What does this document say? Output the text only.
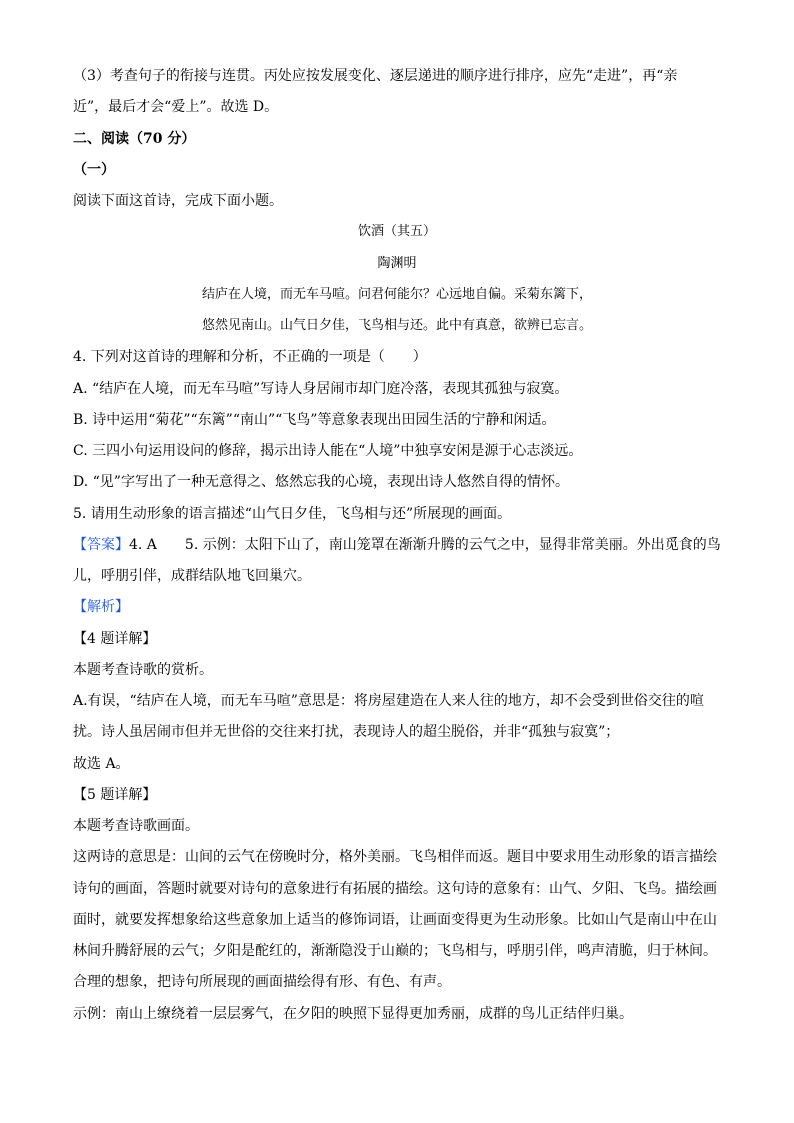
（3）考查句子的衔接与连贯。丙处应按发展变化、逐层递进的顺序进行排序，应先“走进”，再“亲
近”，最后才会“爱上”。故选 D。
二、阅读（70 分）
（一）
阅读下面这首诗，完成下面小题。
饮酒（其五）
陶渊明
结庐在人境，而无车马喧。问君何能尔？心远地自偏。采菊东篱下，
悠然见南山。山气日夕佳，飞鸟相与还。此中有真意，欲辨已忘言。
4. 下列对这首诗的理解和分析，不正确的一项是（　　）
A. “结庐在人境，而无车马喧”写诗人身居闹市却门庭冷落，表现其孤独与寂寞。
B. 诗中运用“菊花”“东篱”“南山”“飞鸟”等意象表现出田园生活的宁静和闲适。
C. 三四小句运用设问的修辞，揭示出诗人能在“人境”中独享安闲是源于心志淡远。
D. “见”字写出了一种无意得之、悠然忘我的心境，表现出诗人悠然自得的情怀。
5. 请用生动形象的语言描述“山气日夕佳，飞鸟相与还”所展现的画面。
【答案】4. A　　5. 示例：太阳下山了，南山笼罩在渐渐升腾的云气之中，显得非常美丽。外出觅食的鸟
儿，呼朋引伴，成群结队地飞回巢穴。
【解析】
【4 题详解】
本题考查诗歌的赏析。
A.有误，“结庐在人境，而无车马喧”意思是：将房屋建造在人来人往的地方，却不会受到世俗交往的喧
扰。诗人虽居闹市但并无世俗的交往来打扰，表现诗人的超尘脱俗，并非“孤独与寂寞”；
故选 A。
【5 题详解】
本题考查诗歌画面。
这两诗的意思是：山间的云气在傍晚时分，格外美丽。飞鸟相伴而返。题目中要求用生动形象的语言描绘
诗句的画面，答题时就要对诗句的意象进行有拓展的描绘。这句诗的意象有：山气、夕阳、飞鸟。描绘画
面时，就要发挥想象给这些意象加上适当的修饰词语，让画面变得更为生动形象。比如山气是南山中在山
林间升腾舒展的云气；夕阳是酡红的，渐渐隐没于山巅的；飞鸟相与，呼朋引伴，鸣声清脆，归于林间。
合理的想象，把诗句所展现的画面描绘得有形、有色、有声。
示例：南山上缭绕着一层层雾气，在夕阳的映照下显得更加秀丽，成群的鸟儿正结伴归巢。
